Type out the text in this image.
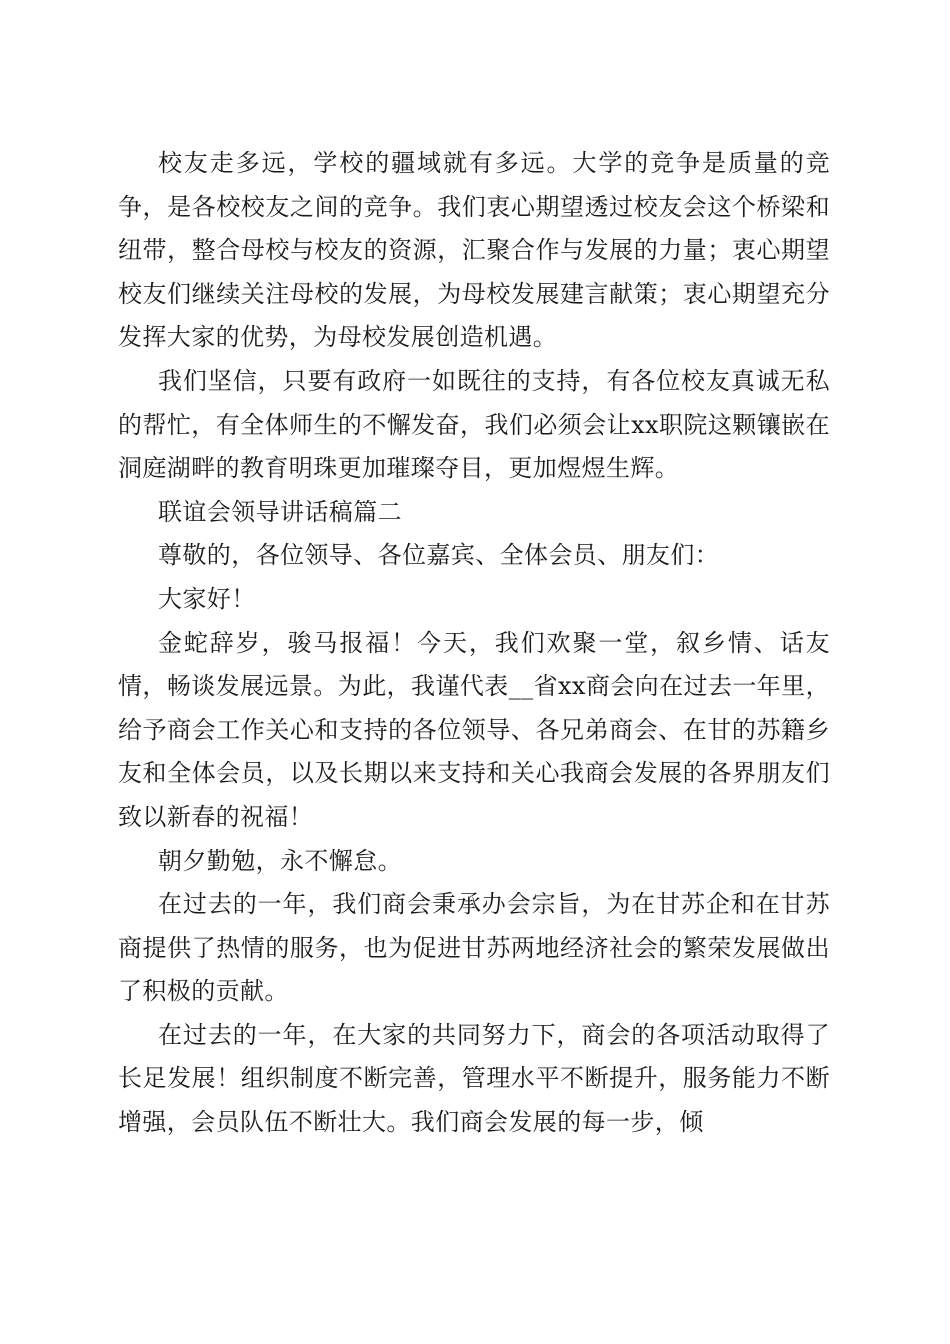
校友走多远，学校的疆域就有多远。大学的竞争是质量的竞争，是各校校友之间的竞争。我们衷心期望透过校友会这个桥梁和纽带，整合母校与校友的资源，汇聚合作与发展的力量；衷心期望校友们继续关注母校的发展，为母校发展建言献策；衷心期望充分发挥大家的优势，为母校发展创造机遇。

我们坚信，只要有政府一如既往的支持，有各位校友真诚无私的帮忙，有全体师生的不懈发奋，我们必须会让xx职院这颗镶嵌在洞庭湖畔的教育明珠更加璀璨夺目，更加煜煜生辉。

联谊会领导讲话稿篇二

尊敬的，各位领导、各位嘉宾、全体会员、朋友们：

大家好！

金蛇辞岁，骏马报福！今天，我们欢聚一堂，叙乡情、话友情，畅谈发展远景。为此，我谨代表__省xx商会向在过去一年里，给予商会工作关心和支持的各位领导、各兄弟商会、在甘的苏籍乡友和全体会员，以及长期以来支持和关心我商会发展的各界朋友们致以新春的祝福！

朝夕勤勉，永不懈怠。

在过去的一年，我们商会秉承办会宗旨，为在甘苏企和在甘苏商提供了热情的服务，也为促进甘苏两地经济社会的繁荣发展做出了积极的贡献。

在过去的一年，在大家的共同努力下，商会的各项活动取得了长足发展！组织制度不断完善，管理水平不断提升，服务能力不断增强，会员队伍不断壮大。我们商会发展的每一步，倾
